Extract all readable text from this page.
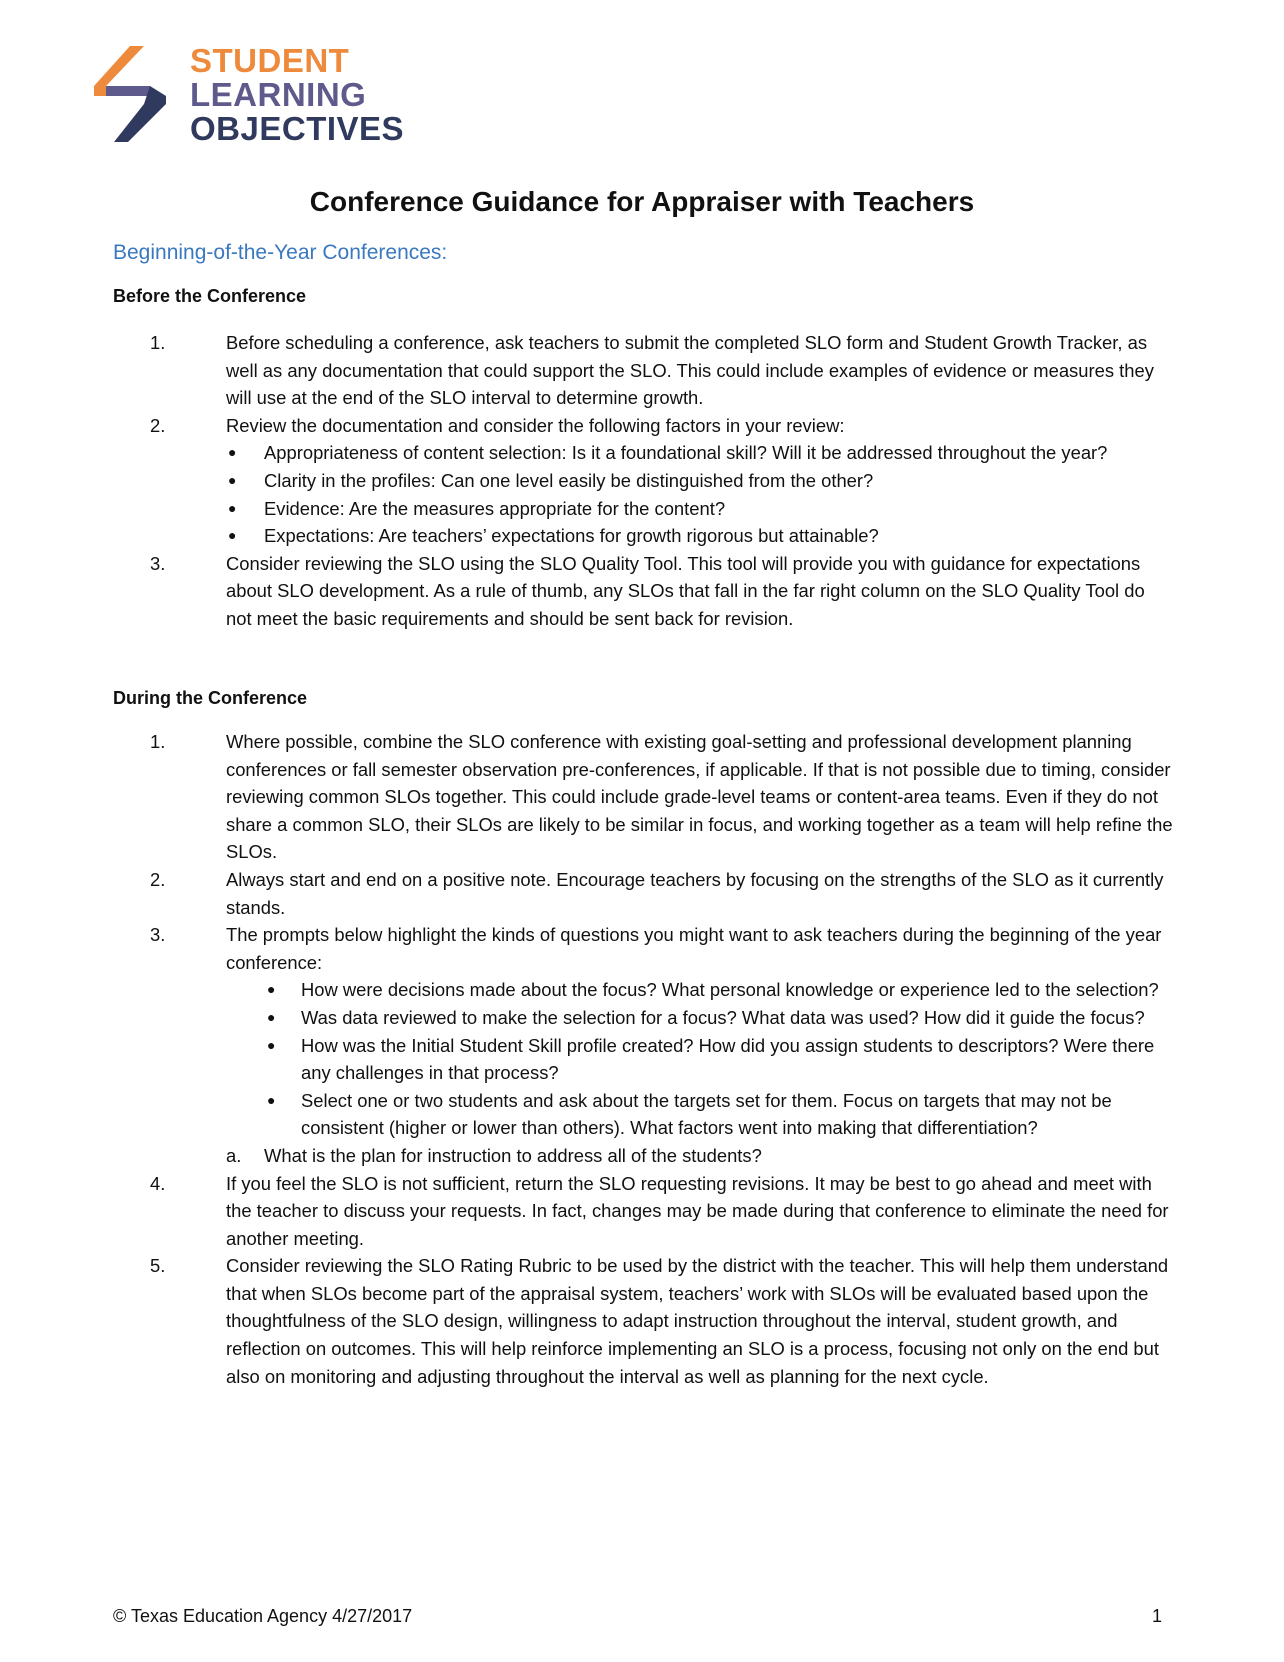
STUDENT
LEARNING
OBJECTIVES
Conference Guidance for Appraiser with Teachers
Beginning-of-the-Year Conferences:
Before the Conference
1.	Before scheduling a conference, ask teachers to submit the completed SLO form and Student Growth Tracker, as well as any documentation that could support the SLO. This could include examples of evidence or measures they will use at the end of the SLO interval to determine growth.
2.	Review the documentation and consider the following factors in your review:
● Appropriateness of content selection: Is it a foundational skill? Will it be addressed throughout the year?
● Clarity in the profiles: Can one level easily be distinguished from the other?
● Evidence: Are the measures appropriate for the content?
● Expectations: Are teachers’ expectations for growth rigorous but attainable?
3.	Consider reviewing the SLO using the SLO Quality Tool. This tool will provide you with guidance for expectations about SLO development. As a rule of thumb, any SLOs that fall in the far right column on the SLO Quality Tool do not meet the basic requirements and should be sent back for revision.
During the Conference
1.	Where possible, combine the SLO conference with existing goal-setting and professional development planning conferences or fall semester observation pre-conferences, if applicable. If that is not possible due to timing, consider reviewing common SLOs together. This could include grade-level teams or content-area teams. Even if they do not share a common SLO, their SLOs are likely to be similar in focus, and working together as a team will help refine the SLOs.
2.	Always start and end on a positive note. Encourage teachers by focusing on the strengths of the SLO as it currently stands.
3.	The prompts below highlight the kinds of questions you might want to ask teachers during the beginning of the year conference:
● How were decisions made about the focus? What personal knowledge or experience led to the selection?
● Was data reviewed to make the selection for a focus? What data was used? How did it guide the focus?
● How was the Initial Student Skill profile created? How did you assign students to descriptors? Were there any challenges in that process?
● Select one or two students and ask about the targets set for them. Focus on targets that may not be consistent (higher or lower than others). What factors went into making that differentiation?
a. What is the plan for instruction to address all of the students?
4.	If you feel the SLO is not sufficient, return the SLO requesting revisions. It may be best to go ahead and meet with the teacher to discuss your requests. In fact, changes may be made during that conference to eliminate the need for another meeting.
5.	Consider reviewing the SLO Rating Rubric to be used by the district with the teacher. This will help them understand that when SLOs become part of the appraisal system, teachers’ work with SLOs will be evaluated based upon the thoughtfulness of the SLO design, willingness to adapt instruction throughout the interval, student growth, and reflection on outcomes. This will help reinforce implementing an SLO is a process, focusing not only on the end but also on monitoring and adjusting throughout the interval as well as planning for the next cycle.
© Texas Education Agency 4/27/2017	1
